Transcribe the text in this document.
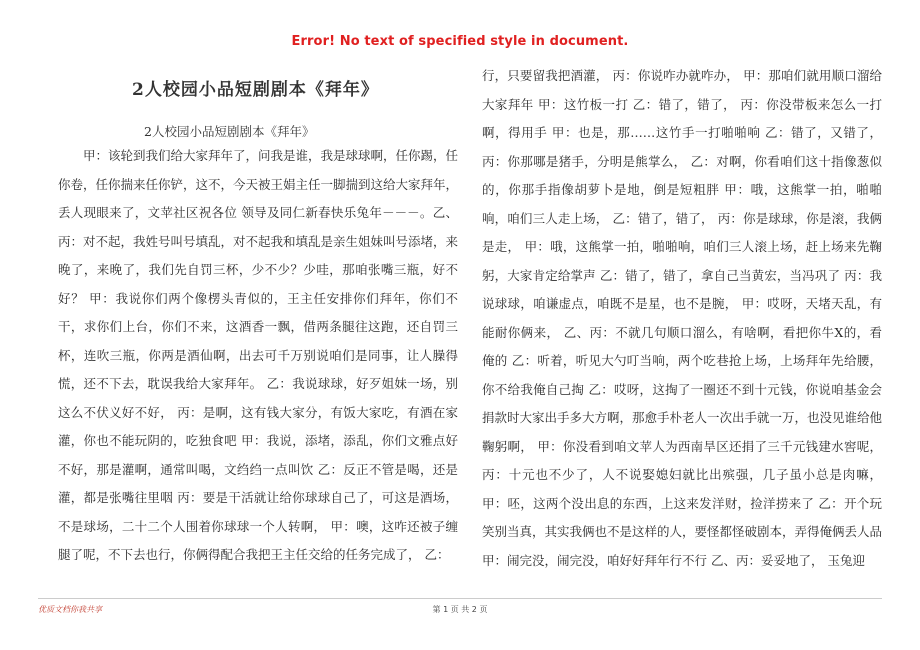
Error! No text of specified style in document.
2人校园小品短剧剧本《拜年》
2人校园小品短剧剧本《拜年》

甲：该轮到我们给大家拜年了，问我是谁，我是球球啊，任你踢，任你卷，任你揣来任你铲，这不，今天被王娟主任一脚揣到这给大家拜年，丢人现眼来了，文苹社区祝各位 领导及同仁新春快乐兔年－－－。乙、丙：对不起，我姓号叫号填乱，对不起我和填乱是亲生姐妹叫号添堵，来晚了，来晚了，我们先自罚三杯，少不少？少哇，那咱张嘴三瓶，好不好？ 甲：我说你们两个像楞头青似的，王主任安排你们拜年，你们不干，求你们上台，你们不来，这酒香一飘，借两条腿往这跑，还自罚三杯，连吹三瓶，你两是酒仙啊，出去可千万别说咱们是同事，让人臊得慌，还不下去，耽误我给大家拜年。 乙：我说球球，好歹姐妹一场，别这么不伏义好不好， 丙：是啊，这有钱大家分，有饭大家吃，有酒在家灌，你也不能玩阴的，吃独食吧 甲：我说，添堵，添乱，你们文雅点好不好，那是灌啊，通常叫喝，文绉绉一点叫饮 乙：反正不管是喝，还是灌，都是张嘴往里咽 丙：要是干活就让给你球球自己了，可这是酒场，不是球场，二十二个人围着你球球一个人转啊， 甲：噢，这咋还被子缠腿了呢，不下去也行，你俩得配合我把王主任交给的任务完成了， 乙：

行，只要留我把酒灌， 丙：你说咋办就咋办， 甲：那咱们就用顺口溜给大家拜年 甲：这竹板一打 乙：错了，错了， 丙：你没带板来怎么一打啊，得用手 甲：也是，那……这竹手一打啪啪响 乙：错了，又错了， 丙：你那哪是猪手，分明是熊掌么， 乙：对啊，你看咱们这十指像葱似的，你那手指像胡萝卜是地，倒是短粗胖 甲：哦，这熊掌一拍，啪啪响，咱们三人走上场， 乙：错了，错了， 丙：你是球球，你是滚，我俩是走， 甲：哦，这熊掌一拍，啪啪响，咱们三人滚上场，赶上场来先鞠躬，大家肯定给掌声 乙：错了，错了，拿自己当黄宏，当冯巩了 丙：我说球球，咱谦虚点，咱既不是星，也不是腕， 甲：哎呀，天堵天乱，有能耐你俩来， 乙、丙：不就几句顺口溜么，有啥啊，看把你牛X的，看俺的 乙：听着，听见大勺叮当响，两个吃巷抢上场，上场拜年先给腰，你不给我俺自己掏 乙：哎呀，这掏了一圈还不到十元钱，你说咱基金会捐款时大家出手多大方啊，那愈手朴老人一次出手就一万，也没见谁给他鞠躬啊， 甲：你没看到咱文苹人为西南旱区还捐了三千元钱建水窖呢， 丙：十元也不少了，人不说娶媳妇就比出殡强，几子虽小总是肉嘛， 甲：呸，这两个没出息的东西，上这来发洋财，捡洋捞来了 乙：开个玩笑别当真，其实我俩也不是这样的人，要怪都怪破剧本，弄得俺俩丢人品 甲：闹完没，闹完没，咱好好拜年行不行 乙、丙：妥妥地了， 玉兔迎

优质文档你我共享	第 1 页 共 2 页
